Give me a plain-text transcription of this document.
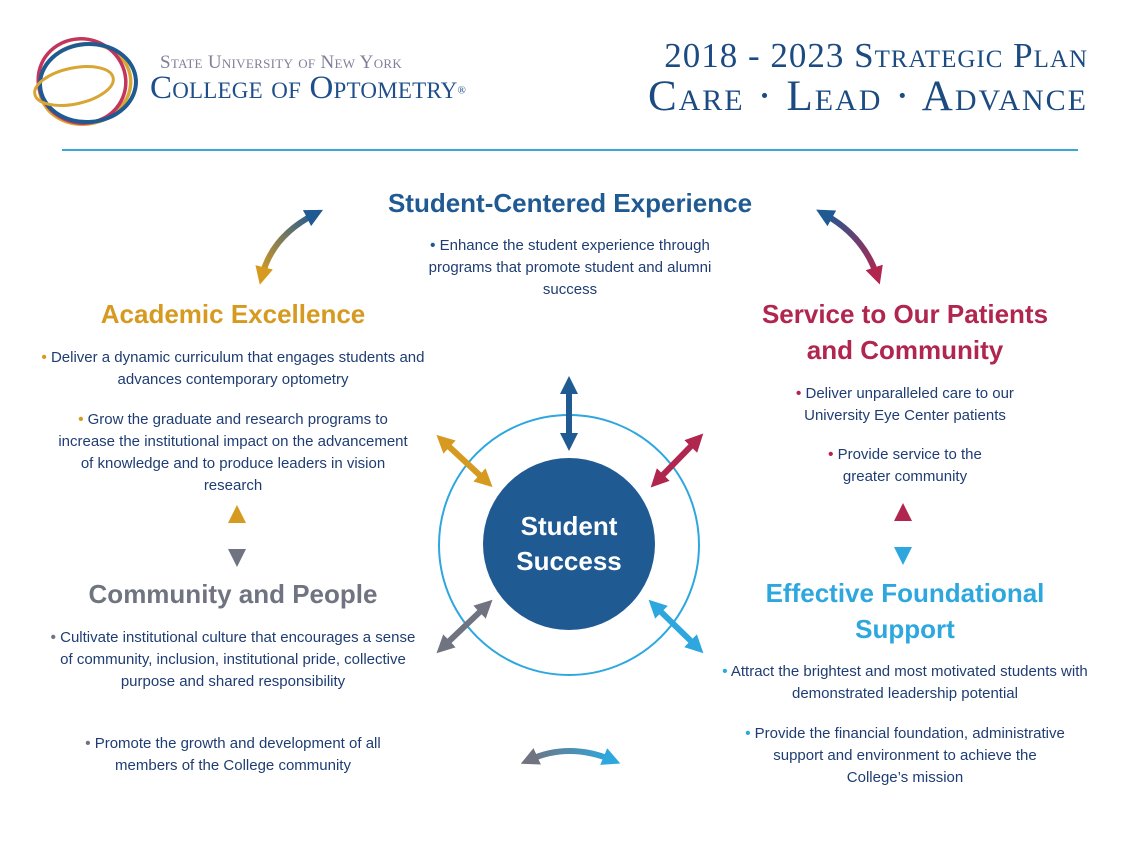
State University of New York
College of Optometry®
2018 - 2023 Strategic Plan
Care · Lead · Advance
Student-Centered Experience
• Enhance the student experience through programs that promote student and alumni success
Academic Excellence
• Deliver a dynamic curriculum that engages students and advances contemporary optometry
• Grow the graduate and research programs to increase the institutional impact on the advancement of knowledge and to produce leaders in vision research
Service to Our Patients
and Community
• Deliver unparalleled care to our University Eye Center patients
• Provide service to the greater community
Student
Success
Community and People
• Cultivate institutional culture that encourages a sense of community, inclusion, institutional pride, collective purpose and shared responsibility
• Promote the growth and development of all members of the College community
Effective Foundational
Support
• Attract the brightest and most motivated students with demonstrated leadership potential
• Provide the financial foundation, administrative support and environment to achieve the College’s mission
